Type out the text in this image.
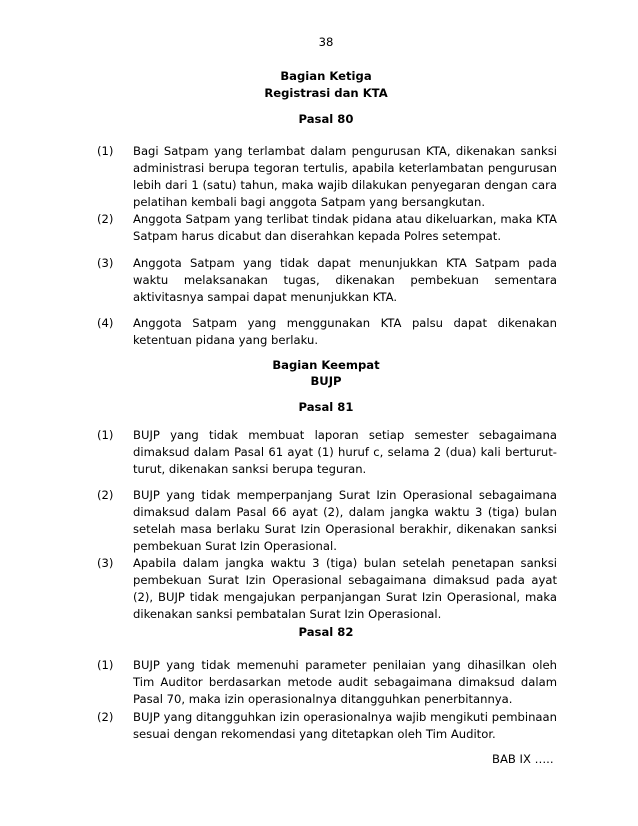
38
Bagian Ketiga
Registrasi dan KTA
Pasal 80
(1) Bagi Satpam yang terlambat dalam pengurusan KTA, dikenakan sanksi administrasi berupa tegoran tertulis, apabila keterlambatan pengurusan lebih dari 1 (satu) tahun, maka wajib dilakukan penyegaran dengan cara pelatihan kembali bagi anggota Satpam yang bersangkutan.
(2) Anggota Satpam yang terlibat tindak pidana atau dikeluarkan, maka KTA Satpam harus dicabut dan diserahkan kepada Polres setempat.
(3) Anggota Satpam yang tidak dapat menunjukkan KTA Satpam pada waktu melaksanakan tugas, dikenakan pembekuan sementara aktivitasnya sampai dapat menunjukkan KTA.
(4) Anggota Satpam yang menggunakan KTA palsu dapat dikenakan ketentuan pidana yang berlaku.
Bagian Keempat
BUJP
Pasal 81
(1) BUJP yang tidak membuat laporan setiap semester sebagaimana dimaksud dalam Pasal 61 ayat (1) huruf c, selama 2 (dua) kali berturut-turut, dikenakan sanksi berupa teguran.
(2) BUJP yang tidak memperpanjang Surat Izin Operasional sebagaimana dimaksud dalam Pasal 66 ayat (2), dalam jangka waktu 3 (tiga) bulan setelah masa berlaku Surat Izin Operasional berakhir, dikenakan sanksi pembekuan Surat Izin Operasional.
(3) Apabila dalam jangka waktu 3 (tiga) bulan setelah penetapan sanksi pembekuan Surat Izin Operasional sebagaimana dimaksud pada ayat (2), BUJP tidak mengajukan perpanjangan Surat Izin Operasional, maka dikenakan sanksi pembatalan Surat Izin Operasional.
Pasal 82
(1) BUJP yang tidak memenuhi parameter penilaian yang dihasilkan oleh Tim Auditor berdasarkan metode audit sebagaimana dimaksud dalam Pasal 70, maka izin operasionalnya ditangguhkan penerbitannya.
(2) BUJP yang ditangguhkan izin operasionalnya wajib mengikuti pembinaan sesuai dengan rekomendasi yang ditetapkan oleh Tim Auditor.
BAB IX …..
